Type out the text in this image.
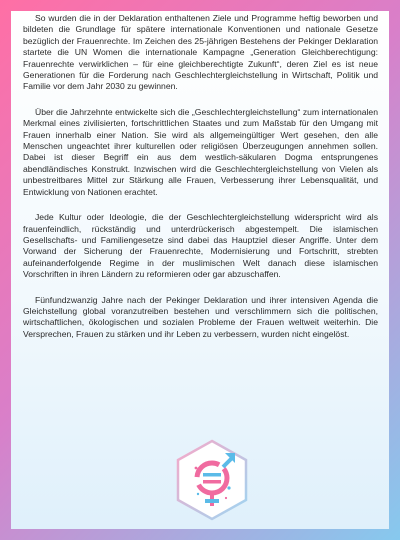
So wurden die in der Deklaration enthaltenen Ziele und Programme heftig beworben und bildeten die Grundlage für spätere internationale Konventionen und nationale Gesetze bezüglich der Frauenrechte. Im Zeichen des 25-jährigen Bestehens der Pekinger Deklaration startete die UN Women die internationale Kampagne „Generation Gleichberechtigung: Frauenrechte verwirklichen – für eine gleichberechtigte Zukunft“, deren Ziel es ist neue Generationen für die Forderung nach Geschlechtergleichstellung in Wirtschaft, Politik und Familie vor dem Jahr 2030 zu gewinnen.

Über die Jahrzehnte entwickelte sich die „Geschlechtergleichstellung“ zum internationalen Merkmal eines zivilisierten, fortschrittlichen Staates und zum Maßstab für den Umgang mit Frauen innerhalb einer Nation. Sie wird als allgemeingültiger Wert gesehen, den alle Menschen ungeachtet ihrer kulturellen oder religiösen Überzeugungen annehmen sollen. Dabei ist dieser Begriff ein aus dem westlich-säkularen Dogma entsprungenes abendländisches Konstrukt. Inzwischen wird die Geschlechtergleichstellung von Vielen als unbestreitbares Mittel zur Stärkung alle Frauen, Verbesserung ihrer Lebensqualität, und Entwicklung von Nationen erachtet.

Jede Kultur oder Ideologie, die der Geschlechtergleichstellung widerspricht wird als frauenfeindlich, rückständig und unterdrückerisch abgestempelt. Die islamischen Gesellschafts- und Familiengesetze sind dabei das Hauptziel dieser Angriffe. Unter dem Vorwand der Sicherung der Frauenrechte, Modernisierung und Fortschritt, strebten aufeinanderfolgende Regime in der muslimischen Welt danach diese islamischen Vorschriften in ihren Ländern zu reformieren oder gar abzuschaffen.

Fünfundzwanzig Jahre nach der Pekinger Deklaration und ihrer intensiven Agenda die Gleichstellung global voranzutreiben bestehen und verschlimmern sich die politischen, wirtschaftlichen, ökologischen und sozialen Probleme der Frauen weltweit weiterhin. Die Versprechen, Frauen zu stärken und ihr Leben zu verbessern, wurden nicht eingelöst.
